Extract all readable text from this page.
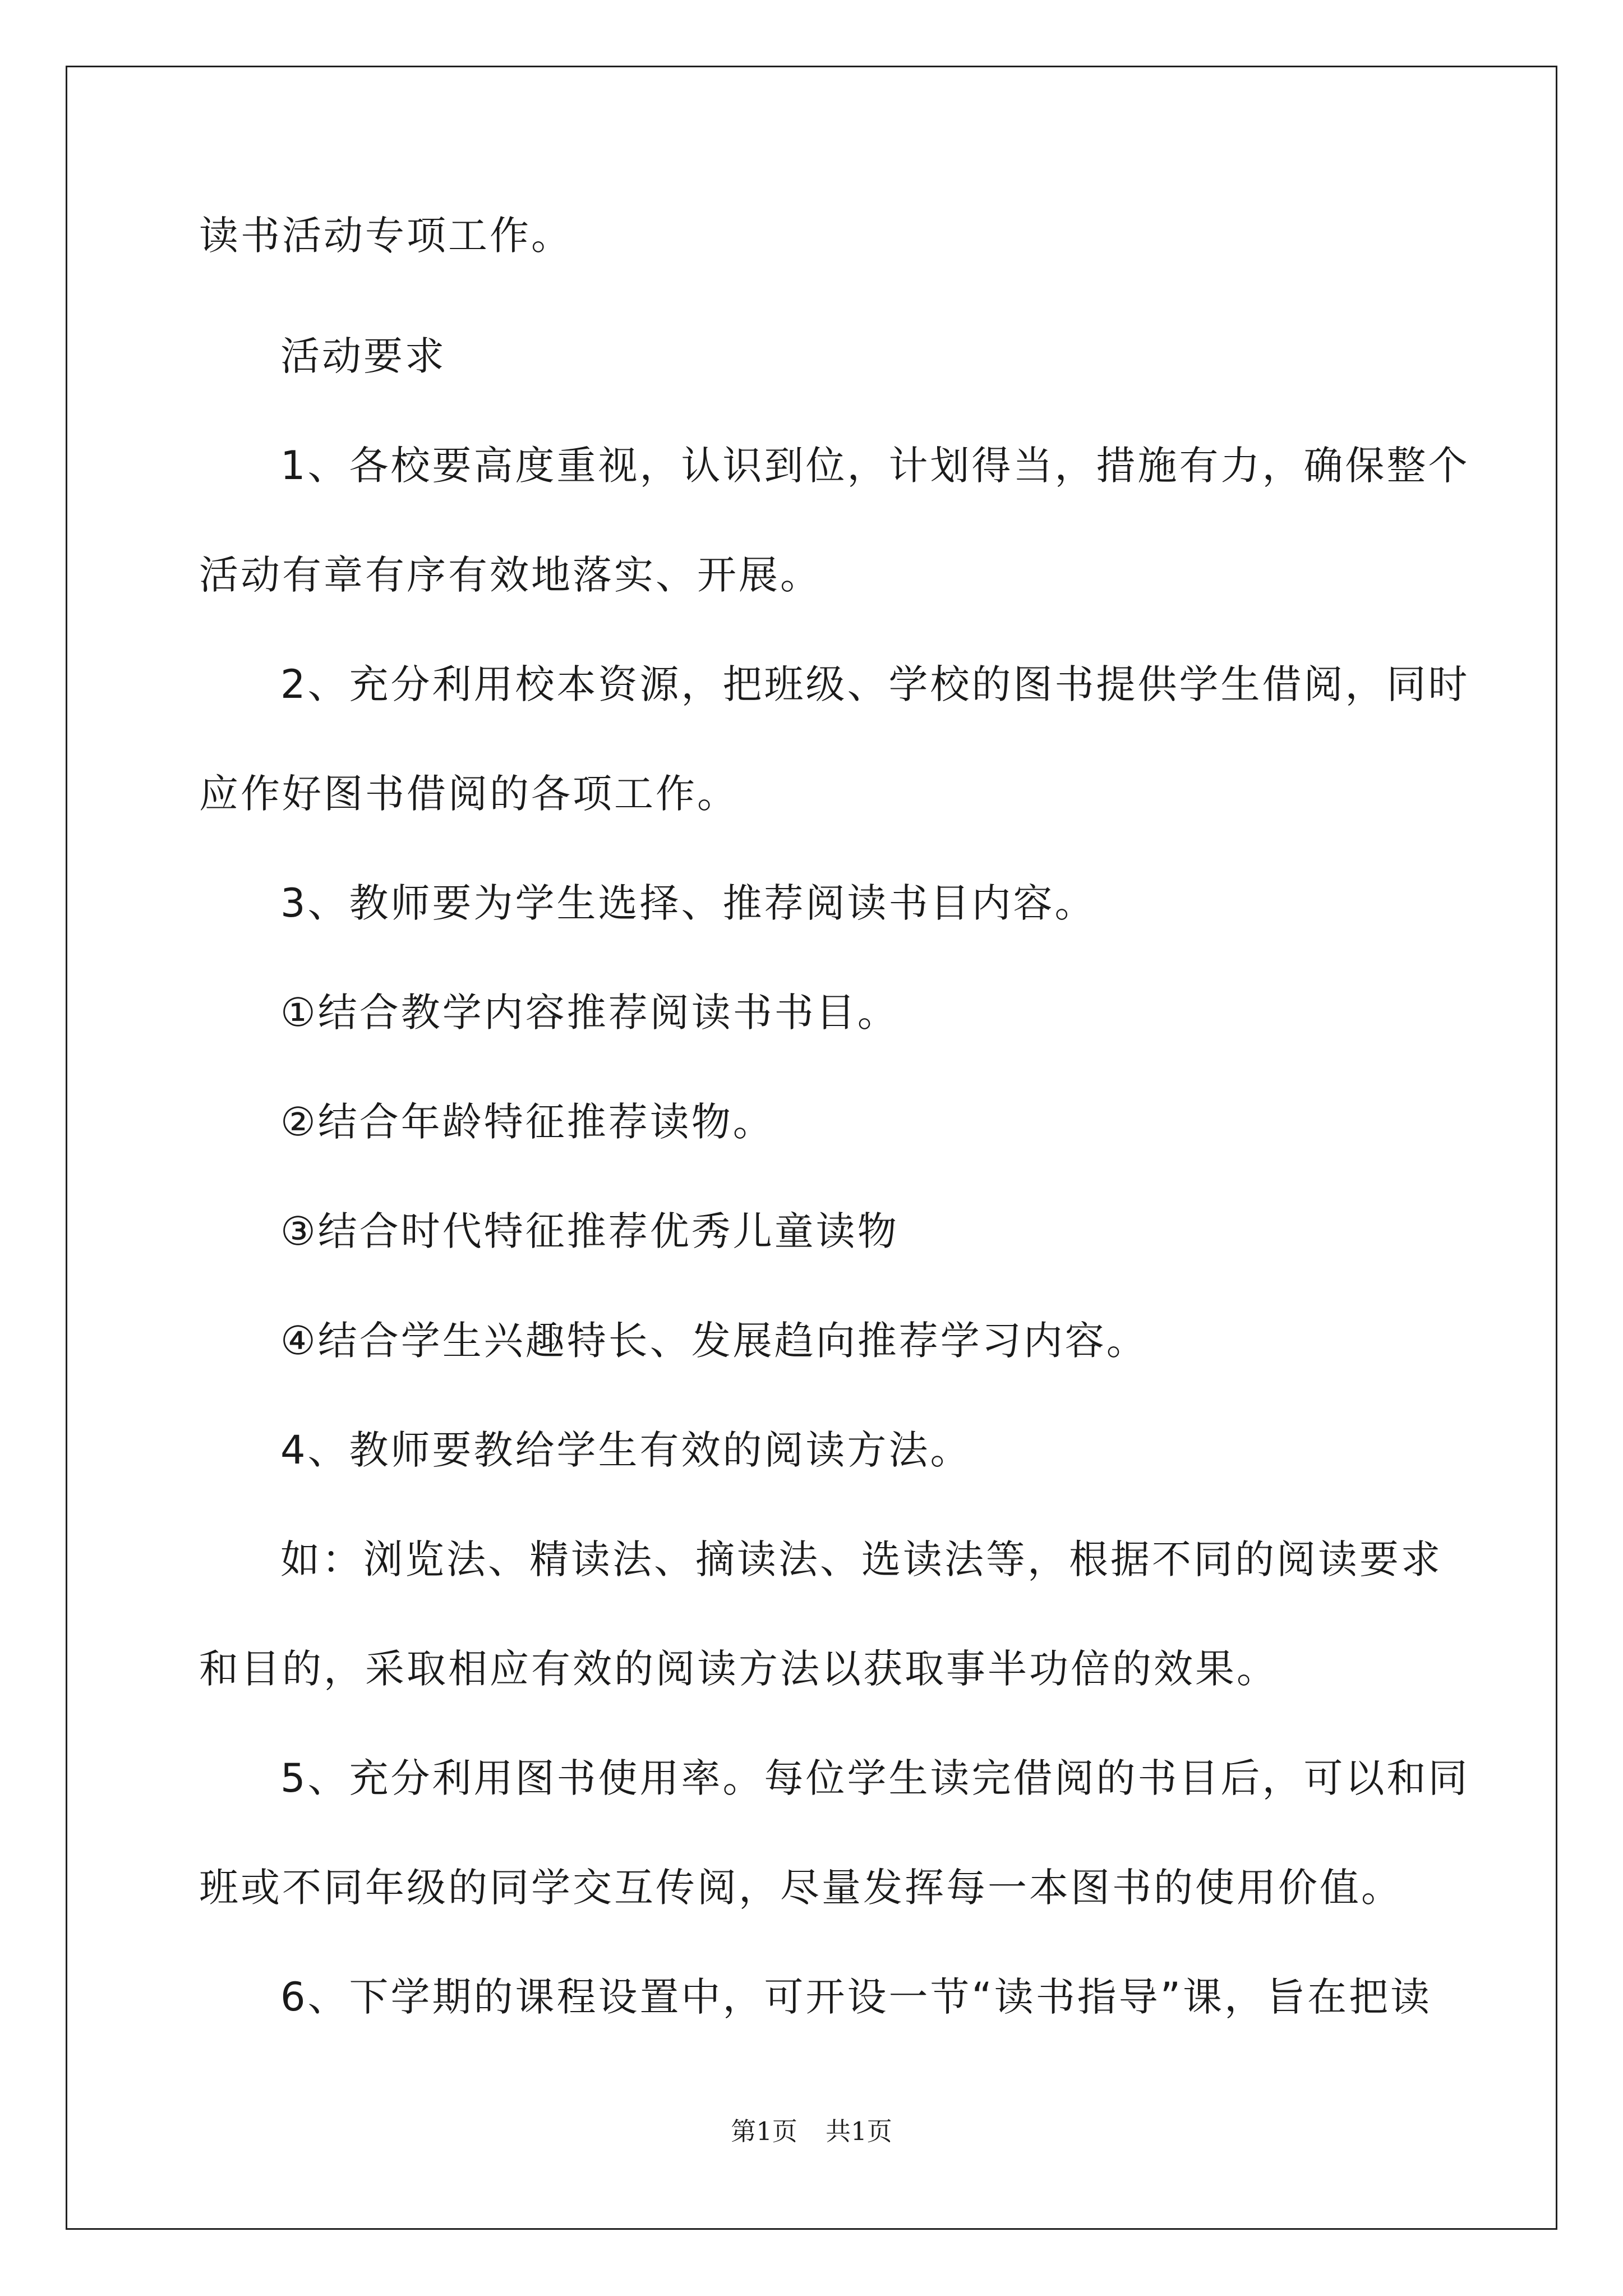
读书活动专项工作。
活动要求
1、各校要高度重视，认识到位，计划得当，措施有力，确保整个
活动有章有序有效地落实、开展。
2、充分利用校本资源，把班级、学校的图书提供学生借阅，同时
应作好图书借阅的各项工作。
3、教师要为学生选择、推荐阅读书目内容。
①结合教学内容推荐阅读书书目。
②结合年龄特征推荐读物。
③结合时代特征推荐优秀儿童读物
④结合学生兴趣特长、发展趋向推荐学习内容。
4、教师要教给学生有效的阅读方法。
如：浏览法、精读法、摘读法、选读法等，根据不同的阅读要求
和目的，采取相应有效的阅读方法以获取事半功倍的效果。
5、充分利用图书使用率。每位学生读完借阅的书目后，可以和同
班或不同年级的同学交互传阅，尽量发挥每一本图书的使用价值。
6、下学期的课程设置中，可开设一节“读书指导”课，旨在把读
第1页 共1页
